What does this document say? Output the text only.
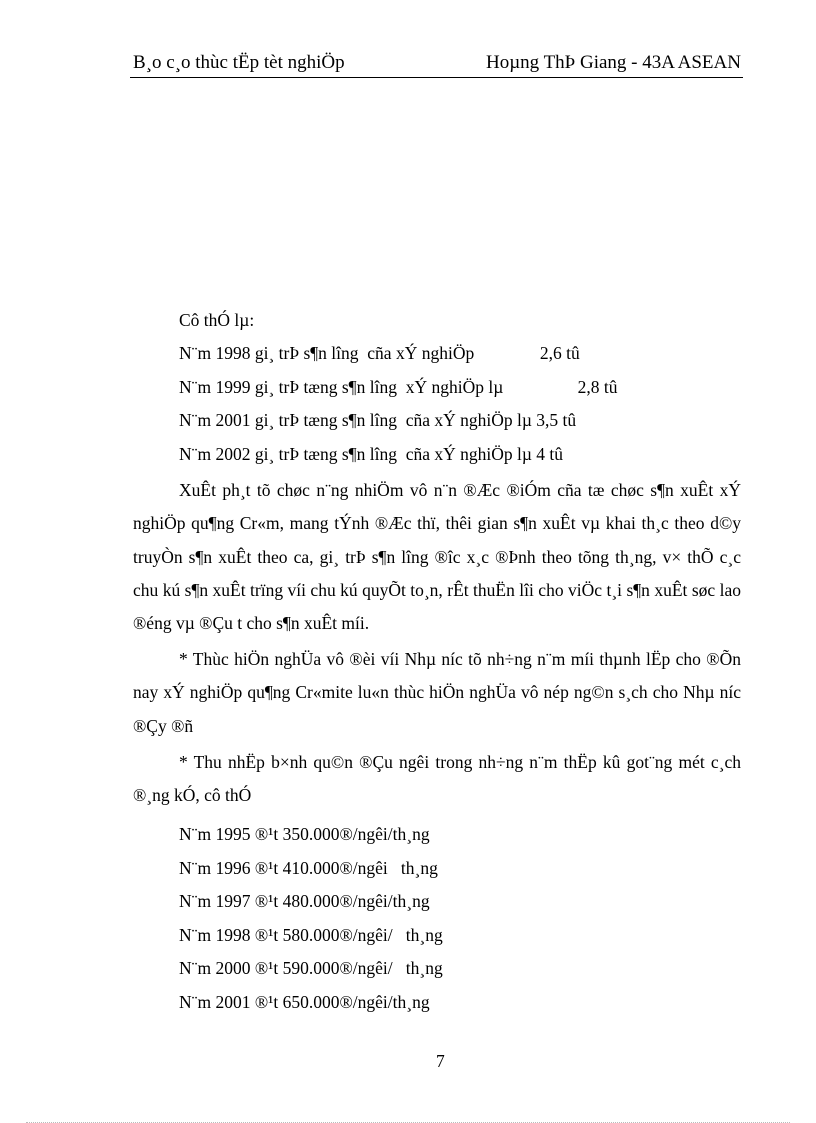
B¸o c¸o thùc tËp tèt nghiÖp	Hoµng ThÞ Giang - 43A ASEAN
Cô thÓ lµ:
N¨m 1998 gi¸ trÞ s¶n lîng  cña xÝ nghiÖp               2,6 tû
N¨m 1999 gi¸ trÞ tæng s¶n lîng  xÝ nghiÖp lµ                 2,8 tû
N¨m 2001 gi¸ trÞ tæng s¶n lîng  cña xÝ nghiÖp lµ 3,5 tû
N¨m 2002 gi¸ trÞ tæng s¶n lîng  cña xÝ nghiÖp lµ 4 tû
XuÊt ph¸t tõ chøc n¨ng nhiÖm vô n¨n ®Æc ®iÓm cña tæ chøc s¶n xuÊt xÝ nghiÖp qu¶ng Cr«m, mang tÝnh ®Æc thï, thêi gian s¶n xuÊt vµ khai th¸c theo d©y truyÒn s¶n xuÊt theo ca, gi¸ trÞ s¶n lîng ®îc x¸c ®Þnh theo tõng th¸ng, v× thÕ c¸c chu kú s¶n xuÊt trïng víi chu kú quyÕt to¸n, rÊt thuËn lîi cho viÖc t¸i s¶n xuÊt søc lao ®éng vµ ®Çu t cho s¶n xuÊt míi.
* Thùc hiÖn nghÜa vô ®èi víi Nhµ níc tõ nh÷ng n¨m míi thµnh lËp cho ®Õn nay xÝ nghiÖp qu¶ng Cr«mite lu«n thùc hiÖn nghÜa vô nép ng©n s¸ch cho Nhµ níc ®Çy ®ñ
* Thu nhËp b×nh qu©n ®Çu ngêi trong nh÷ng n¨m thËp kû got¨ng mét c¸ch ®¸ng kÓ, cô thÓ
N¨m 1995 ®¹t 350.000®/ngêi/th¸ng
N¨m 1996 ®¹t 410.000®/ngêi   th¸ng
N¨m 1997 ®¹t 480.000®/ngêi/th¸ng
N¨m 1998 ®¹t 580.000®/ngêi/   th¸ng
N¨m 2000 ®¹t 590.000®/ngêi/   th¸ng
N¨m 2001 ®¹t 650.000®/ngêi/th¸ng
7
